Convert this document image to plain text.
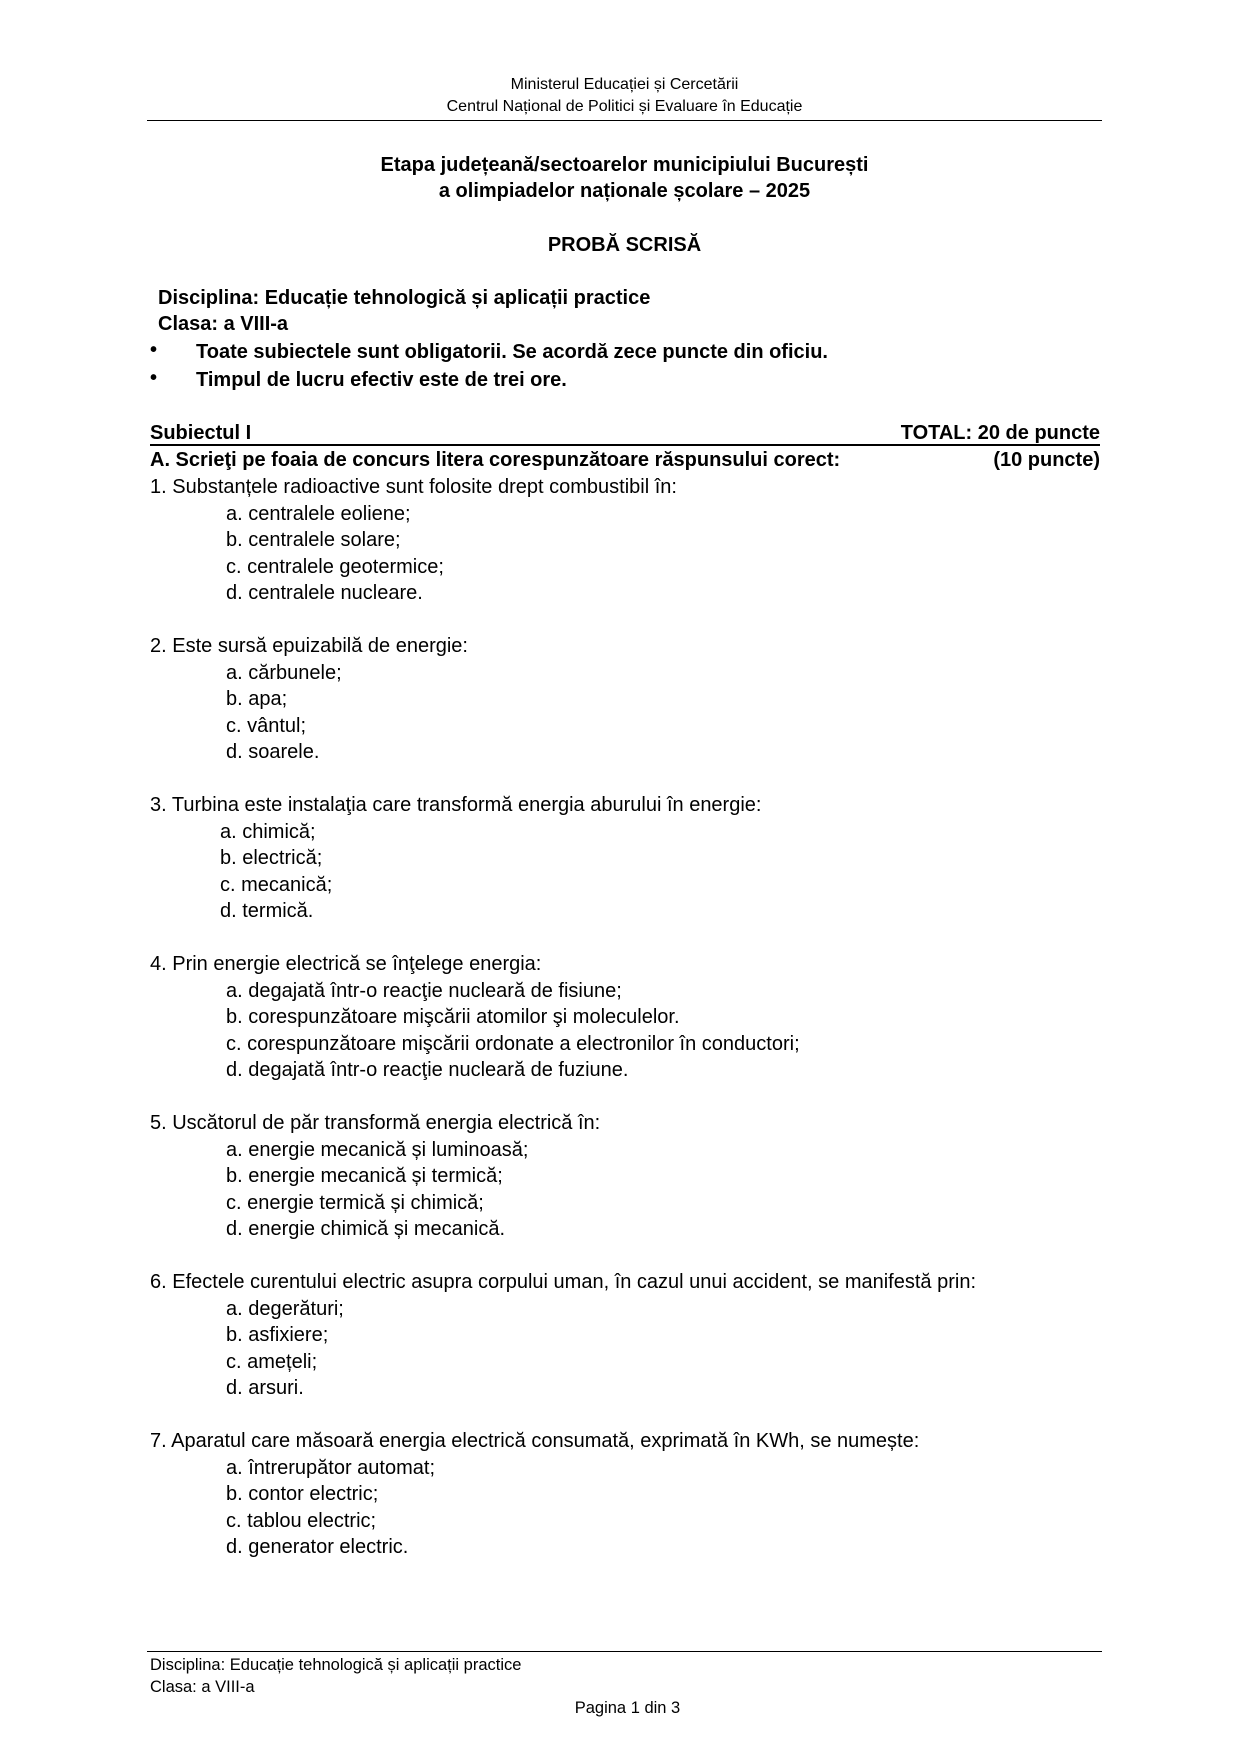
Ministerul Educației și Cercetării
Centrul Național de Politici și Evaluare în Educație
Etapa județeană/sectoarelor municipiului București
a olimpiadelor naționale școlare – 2025
PROBĂ SCRISĂ
Disciplina: Educație tehnologică și aplicații practice
Clasa: a VIII-a
• Toate subiectele sunt obligatorii. Se acordă zece puncte din oficiu.
• Timpul de lucru efectiv este de trei ore.
Subiectul I	TOTAL: 20 de puncte
A. Scrieţi pe foaia de concurs litera corespunzătoare răspunsului corect:	(10 puncte)
1. Substanțele radioactive sunt folosite drept combustibil în:
a. centralele eoliene;
b. centralele solare;
c. centralele geotermice;
d. centralele nucleare.
2. Este sursă epuizabilă de energie:
a. cărbunele;
b. apa;
c. vântul;
d. soarele.
3. Turbina este instalaţia care transformă energia aburului în energie:
a. chimică;
b. electrică;
c. mecanică;
d. termică.
4. Prin energie electrică se înţelege energia:
a. degajată într-o reacţie nucleară de fisiune;
b. corespunzătoare mişcării atomilor şi moleculelor.
c. corespunzătoare mişcării ordonate a electronilor în conductori;
d. degajată într-o reacţie nucleară de fuziune.
5. Uscătorul de păr transformă energia electrică în:
a. energie mecanică și luminoasă;
b. energie mecanică și termică;
c. energie termică și chimică;
d. energie chimică și mecanică.
6. Efectele curentului electric asupra corpului uman, în cazul unui accident, se manifestă prin:
a. degerături;
b. asfixiere;
c. amețeli;
d. arsuri.
7. Aparatul care măsoară energia electrică consumată, exprimată în KWh, se numește:
a. întrerupător automat;
b. contor electric;
c. tablou electric;
d. generator electric.
Disciplina: Educație tehnologică și aplicații practice
Clasa: a VIII-a
Pagina 1 din 3
